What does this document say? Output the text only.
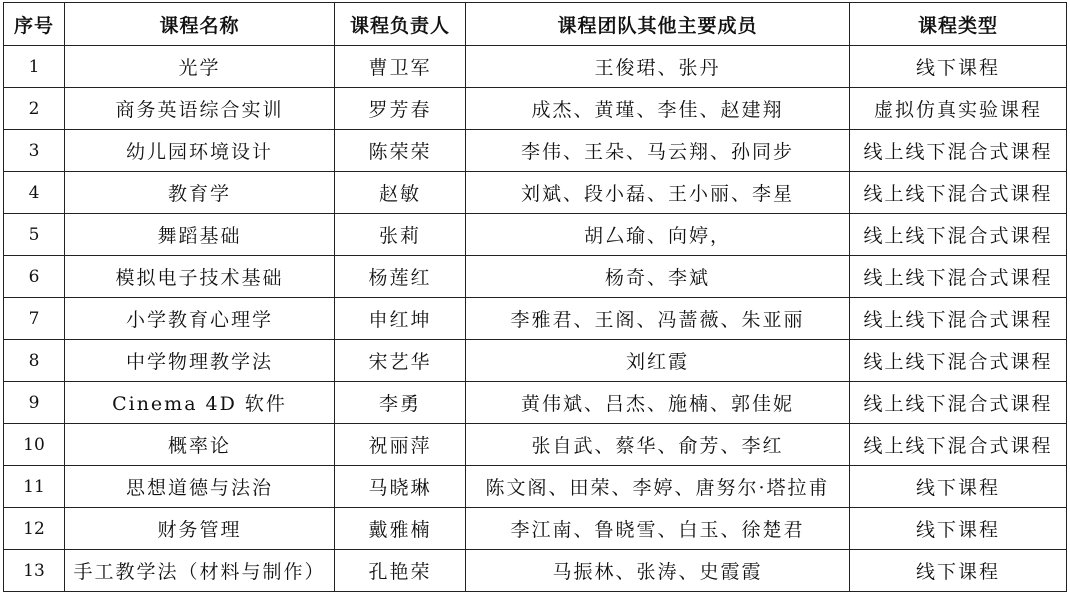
序号	课程名称	课程负责人	课程团队其他主要成员	课程类型
1	光学	曹卫军	王俊珺、张丹	线下课程
2	商务英语综合实训	罗芳春	成杰、黄瑾、李佳、赵建翔	虚拟仿真实验课程
3	幼儿园环境设计	陈荣荣	李伟、王朵、马云翔、孙同步	线上线下混合式课程
4	教育学	赵敏	刘斌、段小磊、王小丽、李星	线上线下混合式课程
5	舞蹈基础	张莉	胡厶瑜、向婷，	线上线下混合式课程
6	模拟电子技术基础	杨莲红	杨奇、李斌	线上线下混合式课程
7	小学教育心理学	申红坤	李雅君、王阁、冯蔷薇、朱亚丽	线上线下混合式课程
8	中学物理教学法	宋艺华	刘红霞	线上线下混合式课程
9	Cinema 4D 软件	李勇	黄伟斌、吕杰、施楠、郭佳妮	线上线下混合式课程
10	概率论	祝丽萍	张自武、蔡华、俞芳、李红	线上线下混合式课程
11	思想道德与法治	马晓琳	陈文阁、田荣、李婷、唐努尔·塔拉甫	线下课程
12	财务管理	戴雅楠	李江南、鲁晓雪、白玉、徐楚君	线下课程
13	手工教学法（材料与制作）	孔艳荣	马振林、张涛、史霞霞	线下课程
